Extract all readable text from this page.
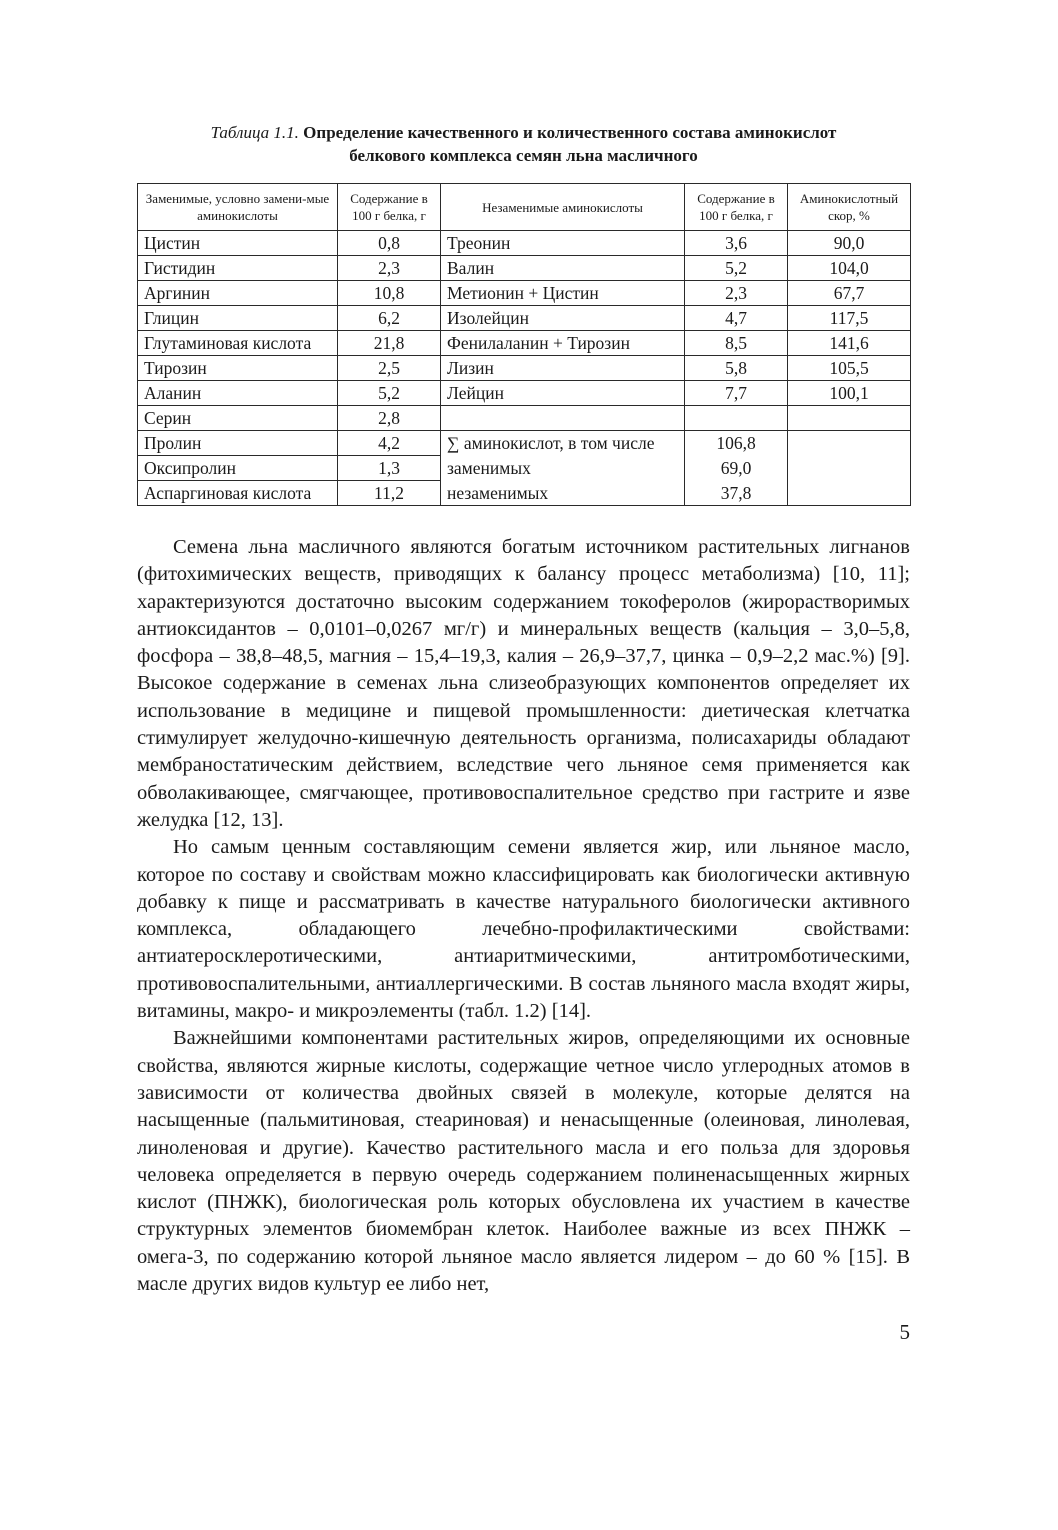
Таблица 1.1. Определение качественного и количественного состава аминокислот
белкового комплекса семян льна масличного
Заменимые, условно замени-мые аминокислоты	Содержание в 100 г белка, г	Незаменимые аминокислоты	Содержание в 100 г белка, г	Аминокислотный скор, %
Цистин	0,8	Треонин	3,6	90,0
Гистидин	2,3	Валин	5,2	104,0
Аргинин	10,8	Метионин + Цистин	2,3	67,7
Глицин	6,2	Изолейцин	4,7	117,5
Глутаминовая кислота	21,8	Фенилаланин + Тирозин	8,5	141,6
Тирозин	2,5	Лизин	5,8	105,5
Аланин	5,2	Лейцин	7,7	100,1
Серин	2,8			
Пролин	4,2	∑ аминокислот, в том числе	106,8	
Оксипролин	1,3	заменимых	69,0	
Аспаргиновая кислота	11,2	незаменимых	37,8	

Семена льна масличного являются богатым источником растительных лигнанов (фитохимических веществ, приводящих к балансу процесс метаболизма) [10, 11]; характеризуются достаточно высоким содержанием токоферолов (жирорастворимых антиоксидантов – 0,0101–0,0267 мг/г) и минеральных веществ (кальция – 3,0–5,8, фосфора – 38,8–48,5, магния – 15,4–19,3, калия – 26,9–37,7, цинка – 0,9–2,2 мас.%) [9]. Высокое содержание в семенах льна слизеобразующих компонентов определяет их использование в медицине и пищевой промышленности: диетическая клетчатка стимулирует желудочно-кишечную деятельность организма, полисахариды обладают мембраностатическим действием, вследствие чего льняное семя применяется как обволакивающее, смягчающее, противовоспалительное средство при гастрите и язве желудка [12, 13].

Но самым ценным составляющим семени является жир, или льняное масло, которое по составу и свойствам можно классифицировать как биологически активную добавку к пище и рассматривать в качестве натурального биологически активного комплекса, обладающего лечебно-профилактическими свойствами: антиатеросклеротическими, антиаритмическими, антитромботическими, противовоспалительными, антиаллергическими. В состав льняного масла входят жиры, витамины, макро- и микроэлементы (табл. 1.2) [14].

Важнейшими компонентами растительных жиров, определяющими их основные свойства, являются жирные кислоты, содержащие четное число углеродных атомов в зависимости от количества двойных связей в молекуле, которые делятся на насыщенные (пальмитиновая, стеариновая) и ненасыщенные (олеиновая, линолевая, линоленовая и другие). Качество растительного масла и его польза для здоровья человека определяется в первую очередь содержанием полиненасыщенных жирных кислот (ПНЖК), биологическая роль которых обусловлена их участием в качестве структурных элементов биомембран клеток. Наиболее важные из всех ПНЖК – омега-3, по содержанию которой льняное масло является лидером – до 60 % [15]. В масле других видов культур ее либо нет,

5
